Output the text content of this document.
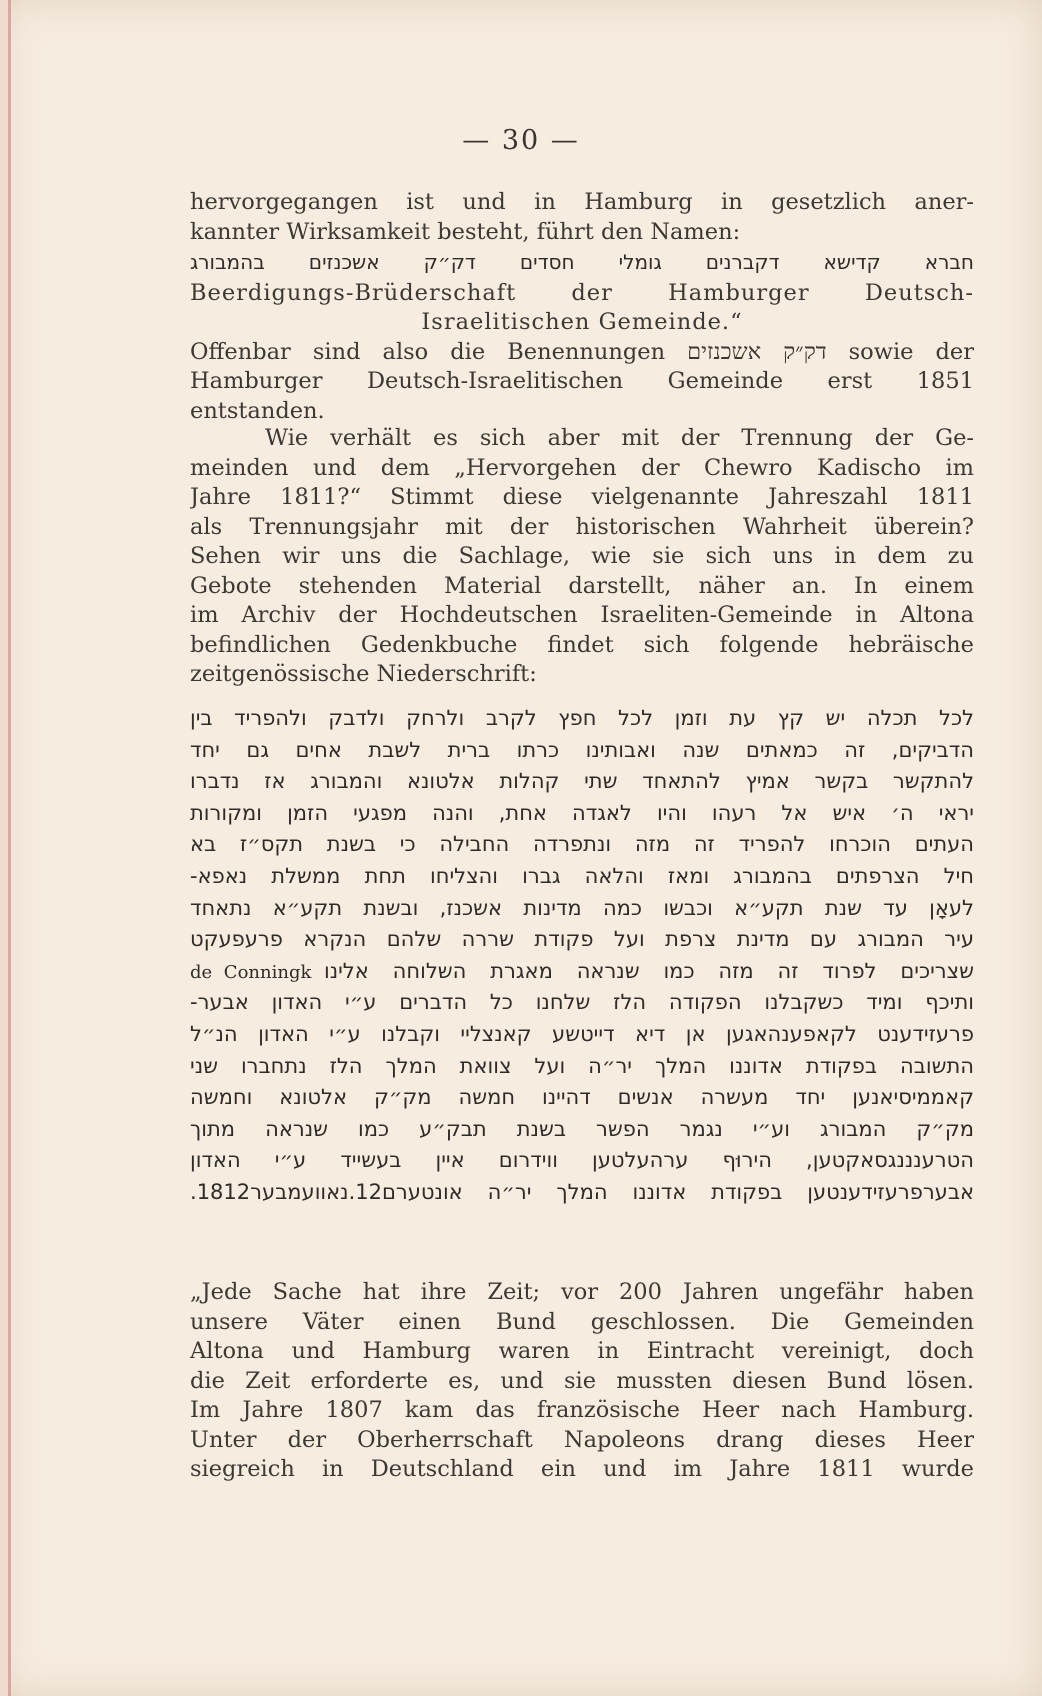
— 30 —
hervorgegangen ist und in Hamburg in gesetzlich aner-
kannter Wirksamkeit besteht, führt den Namen:
חברא קדישא דקברנים גומלי חסדים דק״ק אשכנזים בהמבורג
Beerdigungs-Brüderschaft der Hamburger Deutsch-
Israelitischen Gemeinde.“
Offenbar sind also die Benennungen דק״ק אשכנזים sowie der
Hamburger Deutsch-Israelitischen Gemeinde erst 1851
entstanden.
Wie verhält es sich aber mit der Trennung der Ge-
meinden und dem „Hervorgehen der Chewro Kadischo im
Jahre 1811?“ Stimmt diese vielgenannte Jahreszahl 1811
als Trennungsjahr mit der historischen Wahrheit überein?
Sehen wir uns die Sachlage, wie sie sich uns in dem zu
Gebote stehenden Material darstellt, näher an. In einem
im Archiv der Hochdeutschen Israeliten-Gemeinde in Altona
befindlichen Gedenkbuche findet sich folgende hebräische
zeitgenössische Niederschrift:
לכל תכלה יש קץ עת וזמן לכל חפץ לקרב ולרחק ולדבק ולהפריד בין
הדביקים, זה כמאתים שנה ואבותינו כרתו ברית לשבת אחים גם יחד
להתקשר בקשר אמיץ להתאחד שתי קהלות אלטונא והמבורג אז נדברו
יראי ה׳ איש אל רעהו והיו לאגדה אחת, והנה מפגעי הזמן ומקורות
העתים הוכרחו להפריד זה מזה ונתפרדה החבילה כי בשנת תקס״ז בא
חיל הצרפתים בהמבורג ומאז והלאה גברו והצליחו תחת ממשלת נאפא-
לעאָן עד שנת תקע״א וכבשו כמה מדינות אשכנז, ובשנת תקע״א נתאחד
עיר המבורג עם מדינת צרפת ועל פקודת שררה שלהם הנקרא פרעפעקט
de Conningk שצריכים לפרוד זה מזה כמו שנראה מאגרת השלוחה אלינו
ותיכף ומיד כשקבלנו הפקודה הלז שלחנו כל הדברים ע״י האדון אבער-
פרעזידענט לקאפענהאגען אן דיא דייטשע קאנצליי וקבלנו ע״י האדון הנ״ל
התשובה בפקודת אדוננו המלך יר״ה ועל צוואת המלך הלז נתחברו שני
קאממיסיאנען יחד מעשרה אנשים דהיינו חמשה מק״ק אלטונא וחמשה
מק״ק המבורג וע״י נגמר הפשר בשנת תבק״ע כמו שנראה מתוך
הטרענננגסאקטען, הירוּף ערהעלטען ווידרום איין בעשייד ע״י האדון
אבערפרעזידענטען בפקודת אדוננו המלך יר״ה אונטערם12.נאוועמבער1812.
„Jede Sache hat ihre Zeit; vor 200 Jahren ungefähr haben
unsere Väter einen Bund geschlossen. Die Gemeinden
Altona und Hamburg waren in Eintracht vereinigt, doch
die Zeit erforderte es, und sie mussten diesen Bund lösen.
Im Jahre 1807 kam das französische Heer nach Hamburg.
Unter der Oberherrschaft Napoleons drang dieses Heer
siegreich in Deutschland ein und im Jahre 1811 wurde
